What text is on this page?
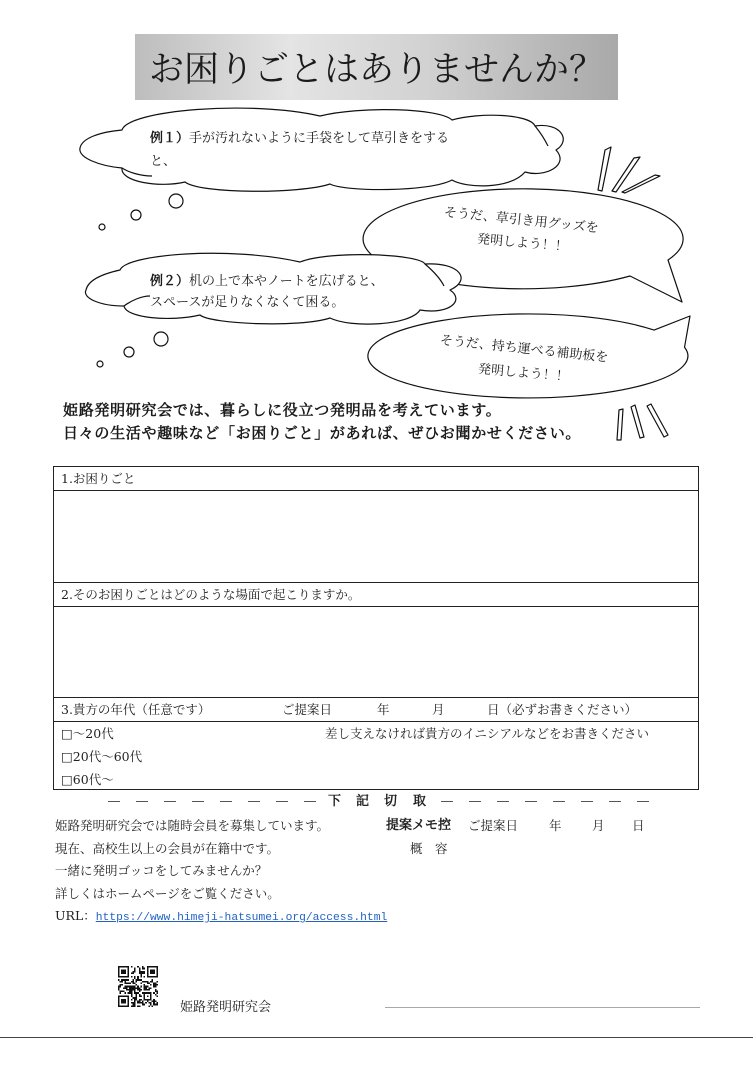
お困りごとはありませんか？
例１）手が汚れないように手袋をして草引きをする
と、
例２）机の上で本やノートを広げると、
スペースが足りなくなくて困る。
そうだ、草引き用グッズを
発明しよう！！
そうだ、持ち運べる補助板を
発明しよう！！
姫路発明研究会では、暮らしに役立つ発明品を考えています。
日々の生活や趣味など「お困りごと」があれば、ぜひお聞かせください。
1.お困りごと
2.そのお困りごとはどのような場面で起こりますか。
3.貴方の年代（任意です）	ご提案日	年	月	日（必ずお書きください）
□～20代
□20代～60代
□60代～
差し支えなければ貴方のイニシアルなどをお書きください
下 記 切 取
姫路発明研究会では随時会員を募集しています。
現在、高校生以上の会員が在籍中です。
一緒に発明ゴッコをしてみませんか？
詳しくはホームページをご覧ください。
URL：https://www.himeji-hatsumei.org/access.html
提案メモ控 ご提案日 年 月 日
概　容
姫路発明研究会
